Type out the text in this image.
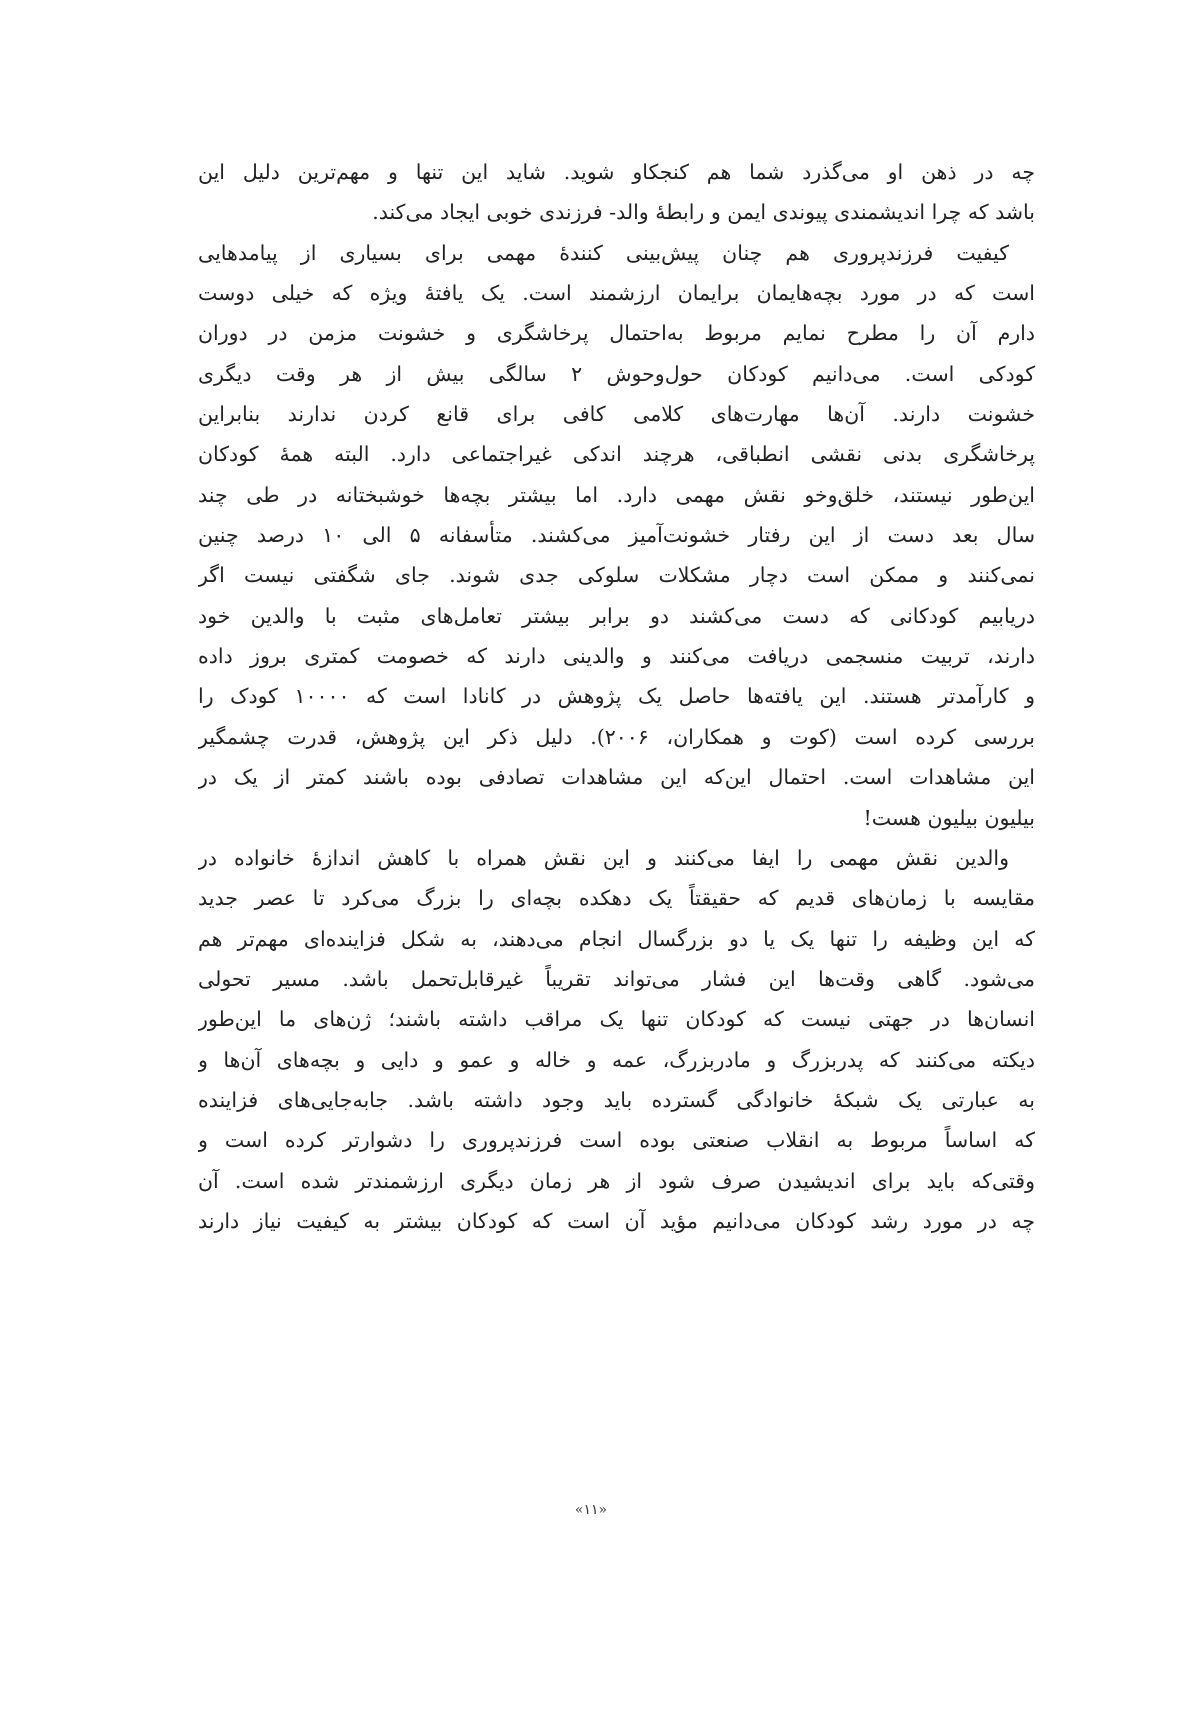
چه در ذهن او می‌گذرد شما هم کنجکاو شوید. شاید این تنها و مهم‌ترین دلیل این
باشد که چرا اندیشمندی پیوندی ایمن و رابطهٔ والد- فرزندی خوبی ایجاد می‌کند.
کیفیت فرزندپروری هم چنان پیش‌بینی کنندهٔ مهمی برای بسیاری از پیامدهایی
است که در مورد بچه‌هایمان برایمان ارزشمند است. یک یافتهٔ ویژه که خیلی دوست
دارم آن را مطرح نمایم مربوط به‌احتمال پرخاشگری و خشونت مزمن در دوران
کودکی است. می‌دانیم کودکان حول‌وحوش ۲ سالگی بیش از هر وقت دیگری
خشونت دارند. آن‌ها مهارت‌های کلامی کافی برای قانع کردن ندارند بنابراین
پرخاشگری بدنی نقشی انطباقی، هرچند اندکی غیراجتماعی دارد. البته همهٔ کودکان
این‌طور نیستند، خلق‌وخو نقش مهمی دارد. اما بیشتر بچه‌ها خوشبختانه در طی چند
سال بعد دست از این رفتار خشونت‌آمیز می‌کشند. متأسفانه ۵ الی ۱۰ درصد چنین
نمی‌کنند و ممکن است دچار مشکلات سلوکی جدی شوند. جای شگفتی نیست اگر
دریابیم کودکانی که دست می‌کشند دو برابر بیشتر تعامل‌های مثبت با والدین خود
دارند، تربیت منسجمی دریافت می‌کنند و والدینی دارند که خصومت کمتری بروز داده
و کارآمدتر هستند. این یافته‌ها حاصل یک پژوهش در کانادا است که ۱۰۰۰۰ کودک را
بررسی کرده است (کوت و همکاران، ۲۰۰۶). دلیل ذکر این پژوهش، قدرت چشمگیر
این مشاهدات است. احتمال این‌که این مشاهدات تصادفی بوده باشند کمتر از یک در
بیلیون بیلیون هست!
والدین نقش مهمی را ایفا می‌کنند و این نقش همراه با کاهش اندازهٔ خانواده در
مقایسه با زمان‌های قدیم که حقیقتاً یک دهکده بچه‌ای را بزرگ می‌کرد تا عصر جدید
که این وظیفه را تنها یک یا دو بزرگسال انجام می‌دهند، به شکل فزاینده‌ای مهم‌تر هم
می‌شود. گاهی وقت‌ها این فشار می‌تواند تقریباً غیرقابل‌تحمل باشد. مسیر تحولی
انسان‌ها در جهتی نیست که کودکان تنها یک مراقب داشته باشند؛ ژن‌های ما این‌طور
دیکته می‌کنند که پدربزرگ و مادربزرگ، عمه و خاله و عمو و دایی و بچه‌های آن‌ها و
به عبارتی یک شبکهٔ خانوادگی گسترده باید وجود داشته باشد. جابه‌جایی‌های فزاینده
که اساساً مربوط به انقلاب صنعتی بوده است فرزندپروری را دشوارتر کرده است و
وقتی‌که باید برای اندیشیدن صرف شود از هر زمان دیگری ارزشمندتر شده است. آن
چه در مورد رشد کودکان می‌دانیم مؤید آن است که کودکان بیشتر به کیفیت نیاز دارند
«۱۱»
